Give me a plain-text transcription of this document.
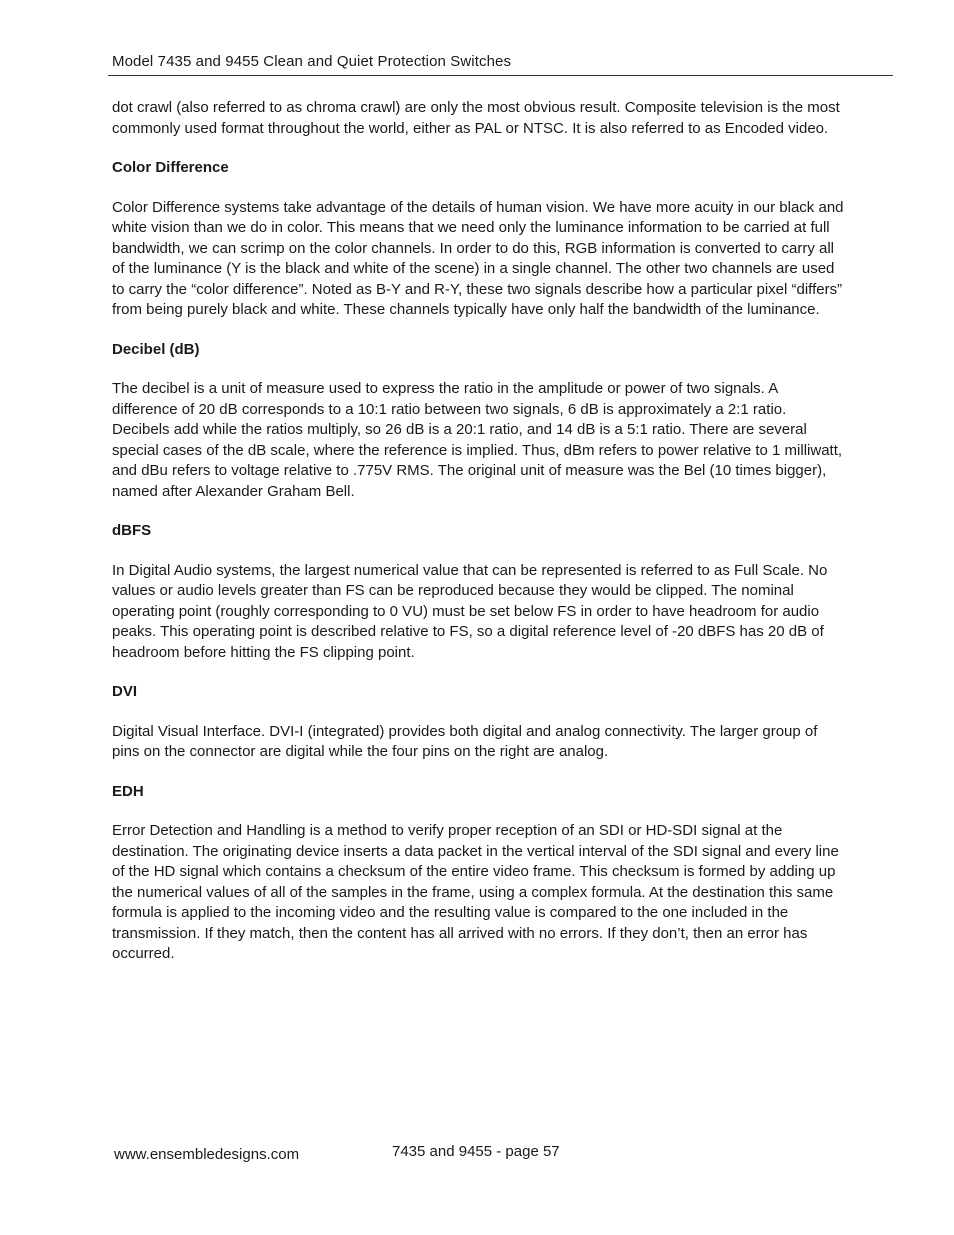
Model 7435 and 9455 Clean and Quiet Protection Switches

dot crawl (also referred to as chroma crawl) are only the most obvious result. Composite television is the most commonly used format throughout the world, either as PAL or NTSC. It is also referred to as Encoded video.

Color Difference

Color Difference systems take advantage of the details of human vision. We have more acuity in our black and white vision than we do in color. This means that we need only the luminance information to be carried at full bandwidth, we can scrimp on the color channels. In order to do this, RGB information is converted to carry all of the luminance (Y is the black and white of the scene) in a single channel. The other two channels are used to carry the “color difference”. Noted as B-Y and R-Y, these two signals describe how a particular pixel “differs” from being purely black and white. These channels typically have only half the bandwidth of the luminance.

Decibel (dB)

The decibel is a unit of measure used to express the ratio in the amplitude or power of two signals. A difference of 20 dB corresponds to a 10:1 ratio between two signals, 6 dB is approximately a 2:1 ratio. Decibels add while the ratios multiply, so 26 dB is a 20:1 ratio, and 14 dB is a 5:1 ratio. There are several special cases of the dB scale, where the reference is implied. Thus, dBm refers to power relative to 1 milliwatt, and dBu refers to voltage relative to .775V RMS. The original unit of measure was the Bel (10 times bigger), named after Alexander Graham Bell.

dBFS

In Digital Audio systems, the largest numerical value that can be represented is referred to as Full Scale. No values or audio levels greater than FS can be reproduced because they would be clipped. The nominal operating point (roughly corresponding to 0 VU) must be set below FS in order to have headroom for audio peaks. This operating point is described relative to FS, so a digital reference level of -20 dBFS has 20 dB of headroom before hitting the FS clipping point.

DVI

Digital Visual Interface. DVI-I (integrated) provides both digital and analog connectivity. The larger group of pins on the connector are digital while the four pins on the right are analog.

EDH

Error Detection and Handling is a method to verify proper reception of an SDI or HD-SDI signal at the destination. The originating device inserts a data packet in the vertical interval of the SDI signal and every line of the HD signal which contains a checksum of the entire video frame. This checksum is formed by adding up the numerical values of all of the samples in the frame, using a complex formula. At the destination this same formula is applied to the incoming video and the resulting value is compared to the one included in the transmission. If they match, then the content has all arrived with no errors. If they don’t, then an error has occurred.

www.ensembledesigns.com	7435 and 9455 - page 57
